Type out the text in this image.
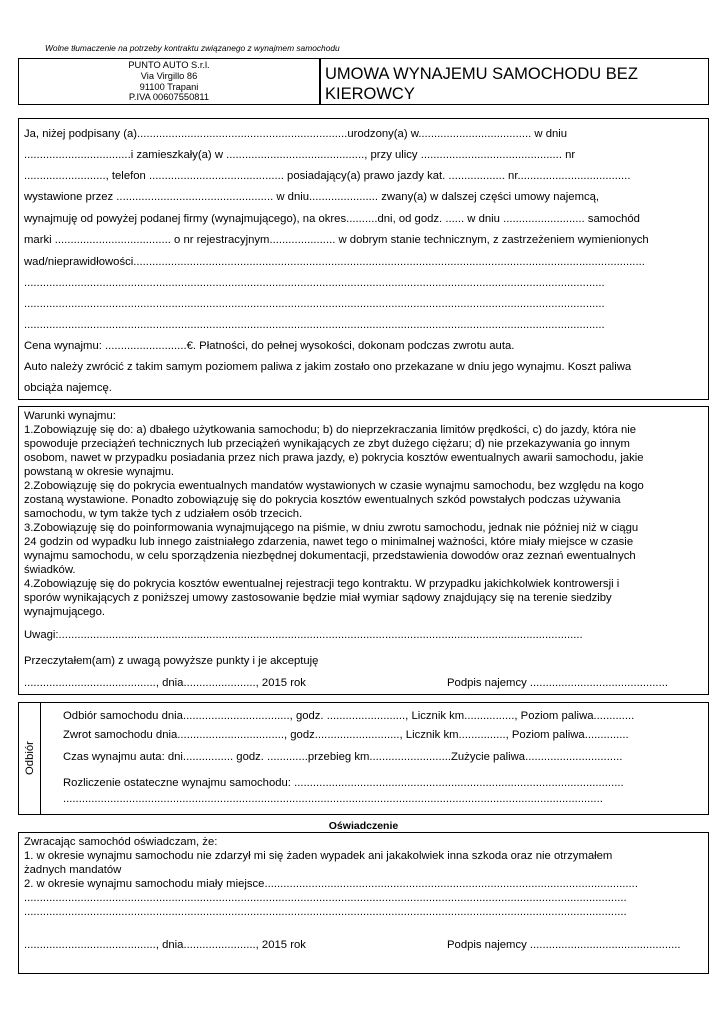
Wolne tłumaczenie na potrzeby kontraktu związanego z wynajmem samochodu
PUNTO AUTO S.r.l.
Via Virgillo 86
91100 Trapani
P.IVA 00607550811
UMOWA WYNAJEMU SAMOCHODU BEZ
KIEROWCY
Ja, niżej podpisany (a)...................................................................urodzony(a) w.................................... w dniu
..................................i zamieszkały(a) w ............................................, przy ulicy ............................................. nr
.........................., telefon ........................................... posiadający(a) prawo jazdy kat. .................. nr....................................
wystawione przez .................................................. w dniu...................... zwany(a) w dalszej części umowy najemcą,
wynajmuję od powyżej podanej firmy (wynajmującego), na okres..........dni, od godz. ...... w dniu .......................... samochód
marki ..................................... o nr rejestracyjnym..................... w dobrym stanie technicznym, z zastrzeżeniem wymienionych
wad/nieprawidłowości...................................................................................................................................................................
.........................................................................................................................................................................................
.........................................................................................................................................................................................
.........................................................................................................................................................................................
Cena wynajmu: ..........................€. Płatności, do pełnej wysokości, dokonam podczas zwrotu auta.
Auto należy zwrócić z takim samym poziomem paliwa z jakim zostało ono przekazane w dniu jego wynajmu. Koszt paliwa
obciąża najemcę.
Warunki wynajmu:
1.Zobowiązuję się do: a) dbałego użytkowania samochodu; b) do nieprzekraczania limitów prędkości, c) do jazdy, która nie
spowoduje przeciążeń technicznych lub przeciążeń wynikających ze zbyt dużego ciężaru; d) nie przekazywania go innym
osobom, nawet w przypadku posiadania przez nich prawa jazdy, e) pokrycia kosztów ewentualnych awarii samochodu, jakie
powstaną w okresie wynajmu.
2.Zobowiązuję się do pokrycia ewentualnych mandatów wystawionych w czasie wynajmu samochodu, bez względu na kogo
zostaną wystawione. Ponadto zobowiązuję się do pokrycia kosztów ewentualnych szkód powstałych podczas używania
samochodu, w tym także tych z udziałem osób trzecich.
3.Zobowiązuję się do poinformowania wynajmującego na piśmie, w dniu zwrotu samochodu, jednak nie później niż w ciągu
24 godzin od wypadku lub innego zaistniałego zdarzenia, nawet tego o minimalnej ważności, które miały miejsce w czasie
wynajmu samochodu, w celu sporządzenia niezbędnej dokumentacji, przedstawienia dowodów oraz zeznań ewentualnych
świadków.
4.Zobowiązuję się do pokrycia kosztów ewentualnej rejestracji tego kontraktu. W przypadku jakichkolwiek kontrowersji i
sporów wynikających z poniższej umowy zastosowanie będzie miał wymiar sądowy znajdujący się na terenie siedziby
wynajmującego.
Uwagi:.......................................................................................................................................................................
Przeczytałem(am) z uwagą powyższe punkty i je akceptuję
.........................................., dnia......................., 2015 rok	Podpis najemcy ............................................
Odbiór
Odbiór samochodu dnia.................................., godz. ........................., Licznik km................, Poziom paliwa.............
Zwrot samochodu dnia.................................., godz..........................., Licznik km..............., Poziom paliwa..............
Czas wynajmu auta: dni................ godz. .............przebieg km..........................Zużycie paliwa...............................
Rozliczenie ostateczne wynajmu samochodu: .........................................................................................................
............................................................................................................................................................................
Oświadczenie
Zwracając samochód oświadczam, że:
1. w okresie wynajmu samochodu nie zdarzył mi się żaden wypadek ani jakakolwiek inna szkoda oraz nie otrzymałem
żadnych mandatów
2. w okresie wynajmu samochodu miały miejsce.......................................................................................................................
................................................................................................................................................................................................
................................................................................................................................................................................................
.........................................., dnia......................., 2015 rok	Podpis najemcy ................................................
